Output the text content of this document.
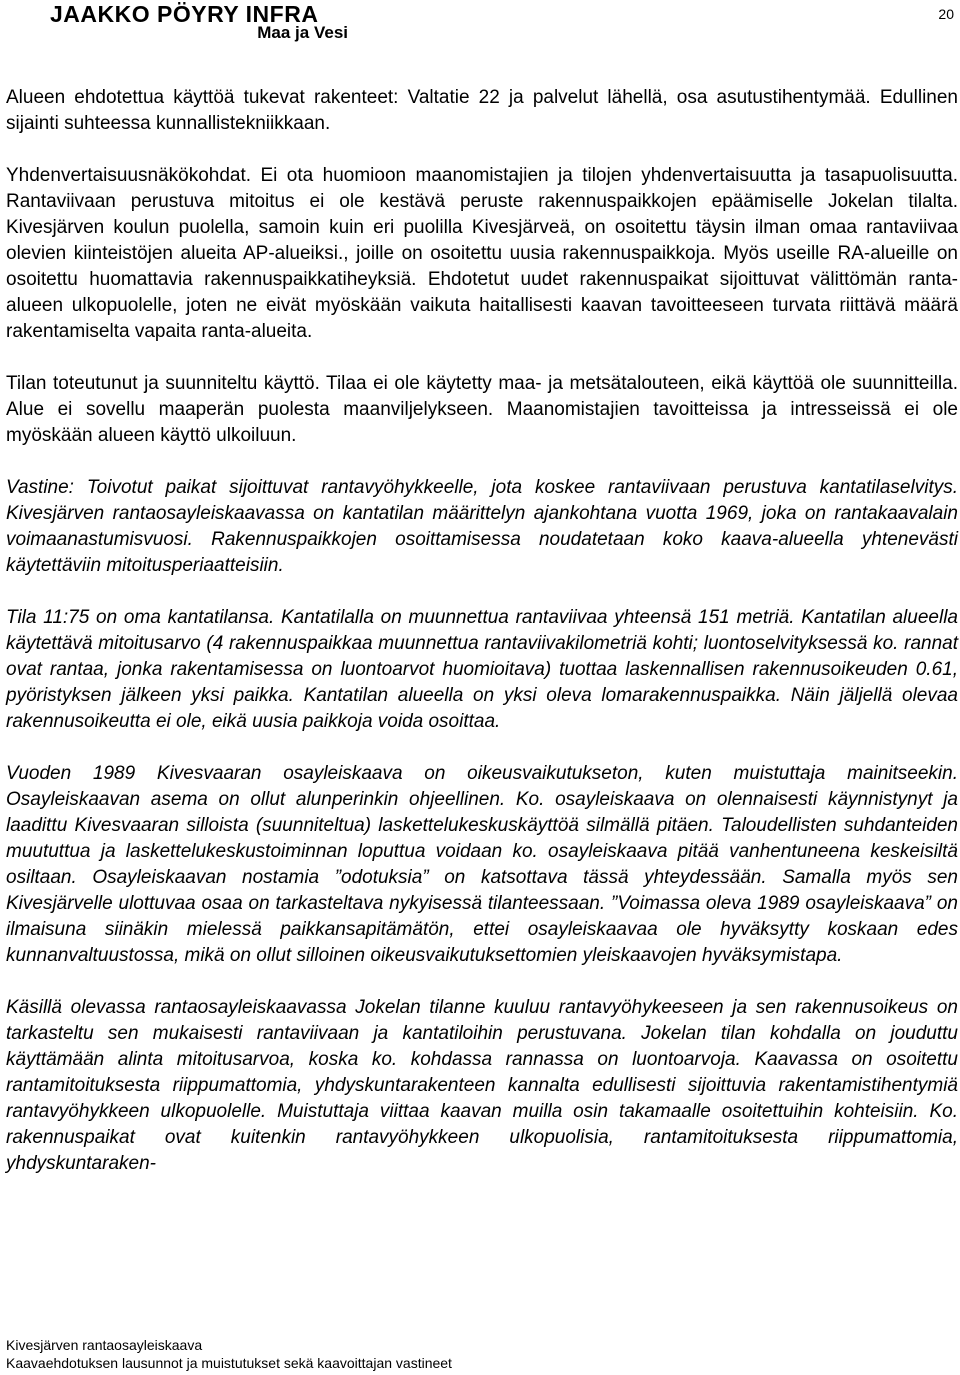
JAAKKO PÖYRY INFRA
Maa ja Vesi
20

Alueen ehdotettua käyttöä tukevat rakenteet: Valtatie 22 ja palvelut lähellä, osa asutustihentymää. Edullinen sijainti suhteessa kunnallistekniikkaan.

Yhdenvertaisuusnäkökohdat. Ei ota huomioon maanomistajien ja tilojen yhdenvertaisuutta ja tasapuolisuutta. Rantaviivaan perustuva mitoitus ei ole kestävä peruste rakennuspaikkojen epäämiselle Jokelan tilalta. Kivesjärven koulun puolella, samoin kuin eri puolilla Kivesjärveä, on osoitettu täysin ilman omaa rantaviivaa olevien kiinteistöjen alueita AP-alueiksi., joille on osoitettu uusia rakennuspaikkoja. Myös useille RA-alueille on osoitettu huomattavia rakennuspaikkatiheyksiä. Ehdotetut uudet rakennuspaikat sijoittuvat välittömän ranta-alueen ulkopuolelle, joten ne eivät myöskään vaikuta haitallisesti kaavan tavoitteeseen turvata riittävä määrä rakentamiselta vapaita ranta-alueita.

Tilan toteutunut ja suunniteltu käyttö. Tilaa ei ole käytetty maa- ja metsätalouteen, eikä käyttöä ole suunnitteilla. Alue ei sovellu maaperän puolesta maanviljelykseen. Maanomistajien tavoitteissa ja intresseissä ei ole myöskään alueen käyttö ulkoiluun.

Vastine: Toivotut paikat sijoittuvat rantavyöhykkeelle, jota koskee rantaviivaan perustuva kantatilaselvitys. Kivesjärven rantaosayleiskaavassa on kantatilan määrittelyn ajankohtana vuotta 1969, joka on rantakaavalain voimaanastumisvuosi. Rakennuspaikkojen osoittamisessa noudatetaan koko kaava-alueella yhtenevästi käytettäviin mitoitusperiaatteisiin.

Tila 11:75 on oma kantatilansa. Kantatilalla on muunnettua rantaviivaa yhteensä 151 metriä. Kantatilan alueella käytettävä mitoitusarvo (4 rakennuspaikkaa muunnettua rantaviivakilometriä kohti; luontoselvityksessä ko. rannat ovat rantaa, jonka rakentamisessa on luontoarvot huomioitava) tuottaa laskennallisen rakennusoikeuden 0.61, pyöristyksen jälkeen yksi paikka. Kantatilan alueella on yksi oleva lomarakennuspaikka. Näin jäljellä olevaa rakennusoikeutta ei ole, eikä uusia paikkoja voida osoittaa.

Vuoden 1989 Kivesvaaran osayleiskaava on oikeusvaikutukseton, kuten muistuttaja mainitseekin. Osayleiskaavan asema on ollut alunperinkin ohjeellinen. Ko. osayleiskaava on olennaisesti käynnistynyt ja laadittu Kivesvaaran silloista (suunniteltua) laskettelukeskuskäyttöä silmällä pitäen. Taloudellisten suhdanteiden muututtua ja laskettelukeskustoiminnan loputtua voidaan ko. osayleiskaava pitää vanhentuneena keskeisiltä osiltaan. Osayleiskaavan nostamia ”odotuksia” on katsottava tässä yhteydessään. Samalla myös sen Kivesjärvelle ulottuvaa osaa on tarkasteltava nykyisessä tilanteessaan. ”Voimassa oleva 1989 osayleiskaava” on ilmaisuna siinäkin mielessä paikkansapitämätön, ettei osayleiskaavaa ole hyväksytty koskaan edes kunnanvaltuustossa, mikä on ollut silloinen oikeusvaikutuksettomien yleiskaavojen hyväksymistapa.

Käsillä olevassa rantaosayleiskaavassa Jokelan tilanne kuuluu rantavyöhykeeseen ja sen rakennusoikeus on tarkasteltu sen mukaisesti rantaviivaan ja kantatiloihin perustuvana. Jokelan tilan kohdalla on jouduttu käyttämään alinta mitoitusarvoa, koska ko. kohdassa rannassa on luontoarvoja. Kaavassa on osoitettu rantamitoituksesta riippumattomia, yhdyskuntarakenteen kannalta edullisesti sijoittuvia rakentamistihentymiä rantavyöhykkeen ulkopuolelle. Muistuttaja viittaa kaavan muilla osin takamaalle osoitettuihin kohteisiin. Ko. rakennuspaikat ovat kuitenkin rantavyöhykkeen ulkopuolisia, rantamitoituksesta riippumattomia, yhdyskuntaraken-

Kivesjärven rantaosayleiskaava
Kaavaehdotuksen lausunnot ja muistutukset sekä kaavoittajan vastineet
